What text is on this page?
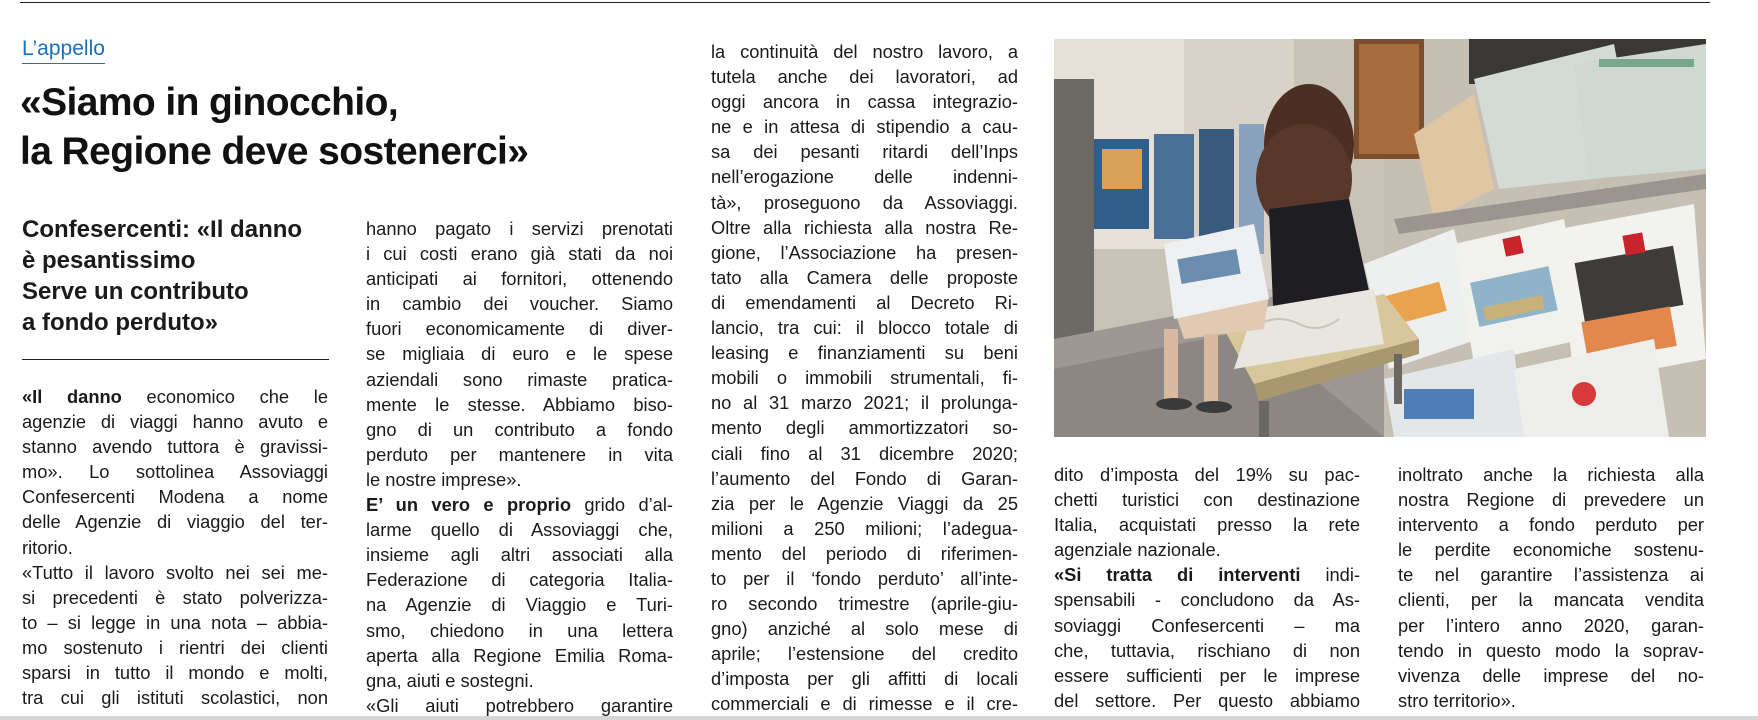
L’appello
«Siamo in ginocchio,
la Regione deve sostenerci»
Confesercenti: «Il danno
è pesantissimo
Serve un contributo
a fondo perduto»
«Il danno economico che le
agenzie di viaggi hanno avuto e
stanno avendo tuttora è gravissi-
mo». Lo sottolinea Assoviaggi
Confesercenti Modena a nome
delle Agenzie di viaggio del ter-
ritorio.
«Tutto il lavoro svolto nei sei me-
si precedenti è stato polverizza-
to – si legge in una nota – abbia-
mo sostenuto i rientri dei clienti
sparsi in tutto il mondo e molti,
tra cui gli istituti scolastici, non
hanno pagato i servizi prenotati
i cui costi erano già stati da noi
anticipati ai fornitori, ottenendo
in cambio dei voucher. Siamo
fuori economicamente di diver-
se migliaia di euro e le spese
aziendali sono rimaste pratica-
mente le stesse. Abbiamo biso-
gno di un contributo a fondo
perduto per mantenere in vita
le nostre imprese».
E’ un vero e proprio grido d’al-
larme quello di Assoviaggi che,
insieme agli altri associati alla
Federazione di categoria Italia-
na Agenzie di Viaggio e Turi-
smo, chiedono in una lettera
aperta alla Regione Emilia Roma-
gna, aiuti e sostegni.
«Gli aiuti potrebbero garantire
la continuità del nostro lavoro, a
tutela anche dei lavoratori, ad
oggi ancora in cassa integrazio-
ne e in attesa di stipendio a cau-
sa dei pesanti ritardi dell’Inps
nell’erogazione delle indenni-
tà», proseguono da Assoviaggi.
Oltre alla richiesta alla nostra Re-
gione, l’Associazione ha presen-
tato alla Camera delle proposte
di emendamenti al Decreto Ri-
lancio, tra cui: il blocco totale di
leasing e finanziamenti su beni
mobili o immobili strumentali, fi-
no al 31 marzo 2021; il prolunga-
mento degli ammortizzatori so-
ciali fino al 31 dicembre 2020;
l’aumento del Fondo di Garan-
zia per le Agenzie Viaggi da 25
milioni a 250 milioni; l’adegua-
mento del periodo di riferimen-
to per il ‘fondo perduto’ all’inte-
ro secondo trimestre (aprile-giu-
gno) anziché al solo mese di
aprile; l’estensione del credito
d’imposta per gli affitti di locali
commerciali e di rimesse e il cre-
dito d’imposta del 19% su pac-
chetti turistici con destinazione
Italia, acquistati presso la rete
agenziale nazionale.
«Si tratta di interventi indi-
spensabili - concludono da As-
soviaggi Confesercenti – ma
che, tuttavia, rischiano di non
essere sufficienti per le imprese
del settore. Per questo abbiamo
inoltrato anche la richiesta alla
nostra Regione di prevedere un
intervento a fondo perduto per
le perdite economiche sostenu-
te nel garantire l’assistenza ai
clienti, per la mancata vendita
per l’intero anno 2020, garan-
tendo in questo modo la soprav-
vivenza delle imprese del no-
stro territorio».
